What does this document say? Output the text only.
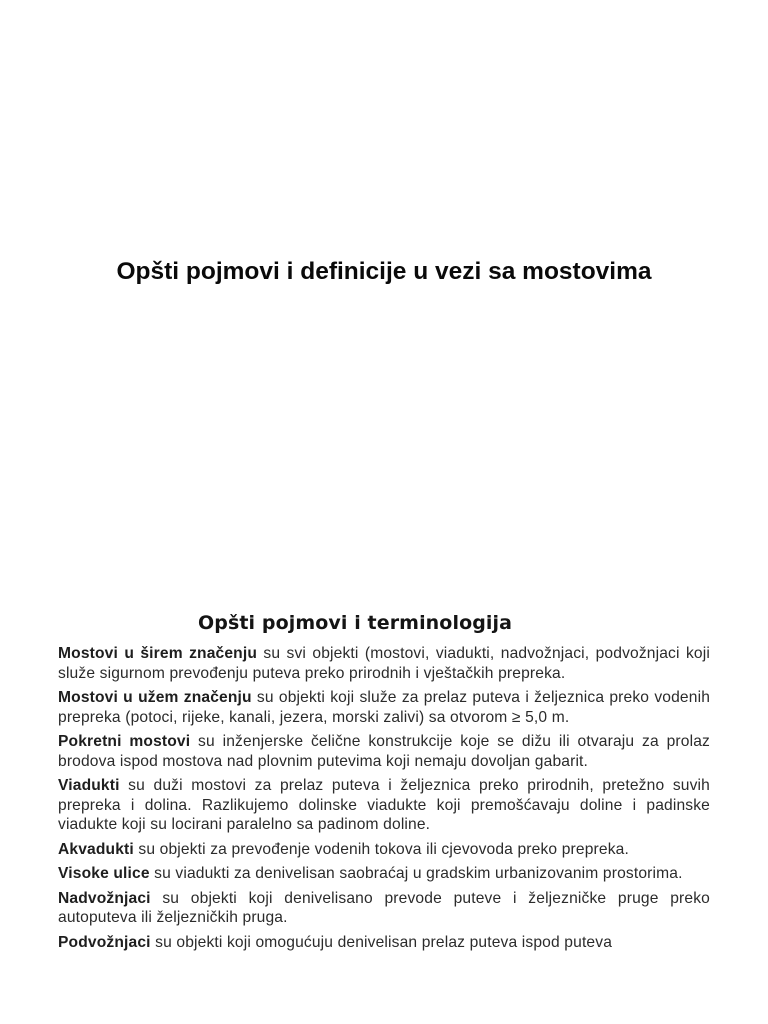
Opšti pojmovi i definicije u vezi sa mostovima
Opšti pojmovi i terminologija

Mostovi u širem značenju su svi objekti (mostovi, viadukti, nadvožnjaci, podvožnjaci koji služe sigurnom prevođenju puteva preko prirodnih i vještačkih prepreka.

Mostovi u užem značenju su objekti koji služe za prelaz puteva i željeznica preko vodenih prepreka (potoci, rijeke, kanali, jezera, morski zalivi) sa otvorom ≥ 5,0 m.

Pokretni mostovi su inženjerske čelične konstrukcije koje se dižu ili otvaraju za prolaz brodova ispod mostova nad plovnim putevima koji nemaju dovoljan gabarit.

Viadukti su duži mostovi za prelaz puteva i željeznica preko prirodnih, pretežno suvih prepreka i dolina. Razlikujemo dolinske viadukte koji premošćavaju doline i padinske viadukte koji su locirani paralelno sa padinom doline.

Akvadukti su objekti za prevođenje vodenih tokova ili cjevovoda preko prepreka.

Visoke ulice su viadukti za denivelisan saobraćaj u gradskim urbanizovanim prostorima.

Nadvožnjaci su objekti koji denivelisano prevode puteve i željezničke pruge preko autoputeva ili željezničkih pruga.

Podvožnjaci su objekti koji omogućuju denivelisan prelaz puteva ispod puteva
